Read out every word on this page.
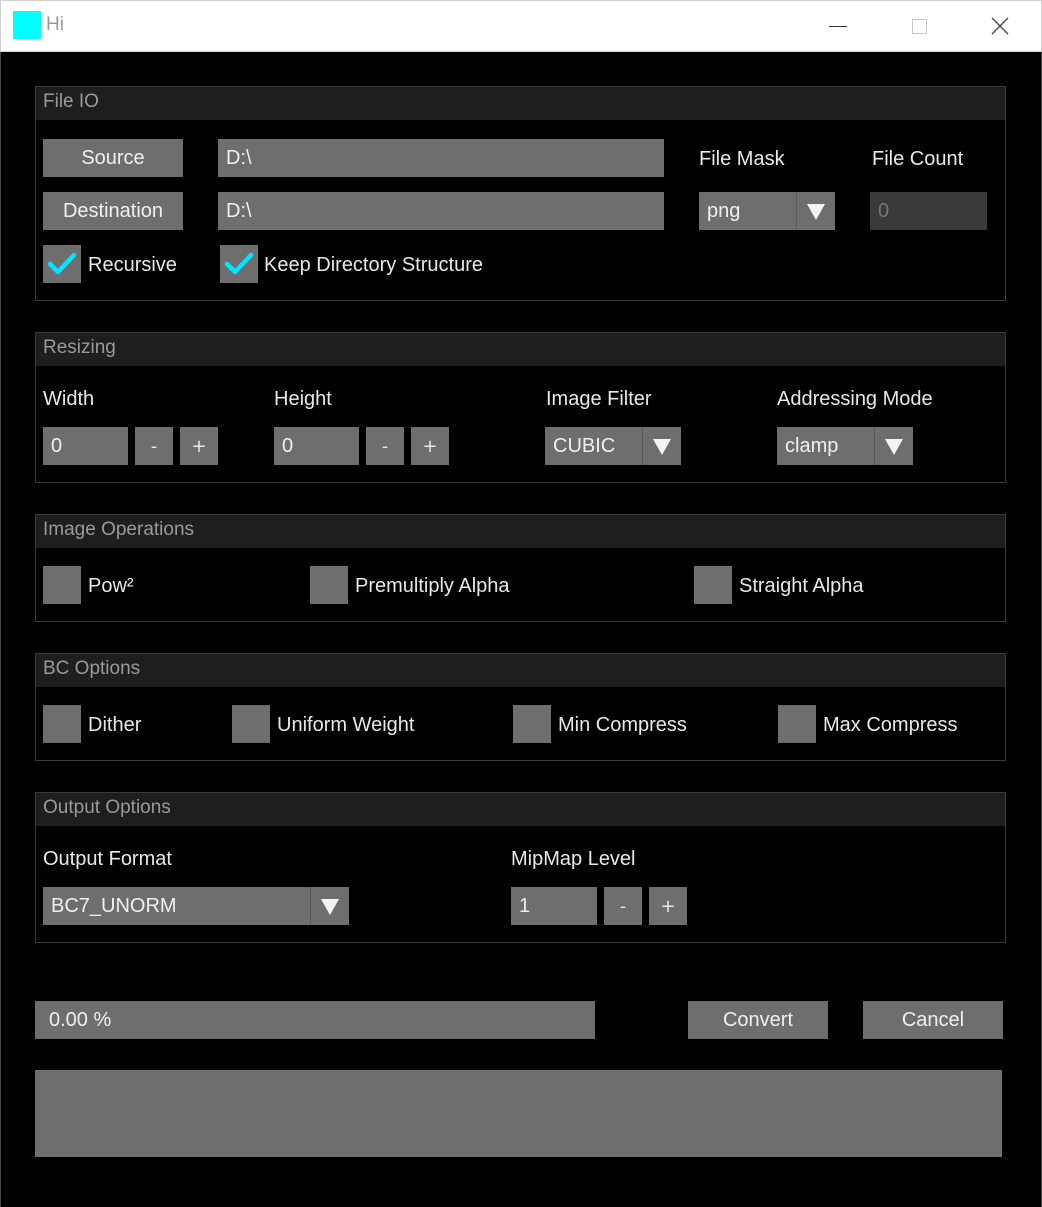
Hi
File IO
Source	D:\
Destination	D:\
File Mask	File Count
png	0
Recursive	Keep Directory Structure
Resizing
Width
0	-	+
Height
0	-	+
Image Filter
CUBIC
Addressing Mode
clamp
Image Operations
Pow²	Premultiply Alpha	Straight Alpha
BC Options
Dither	Uniform Weight	Min Compress	Max Compress
Output Options
Output Format
BC7_UNORM
MipMap Level
1	-	+
0.00 %	Convert	Cancel
